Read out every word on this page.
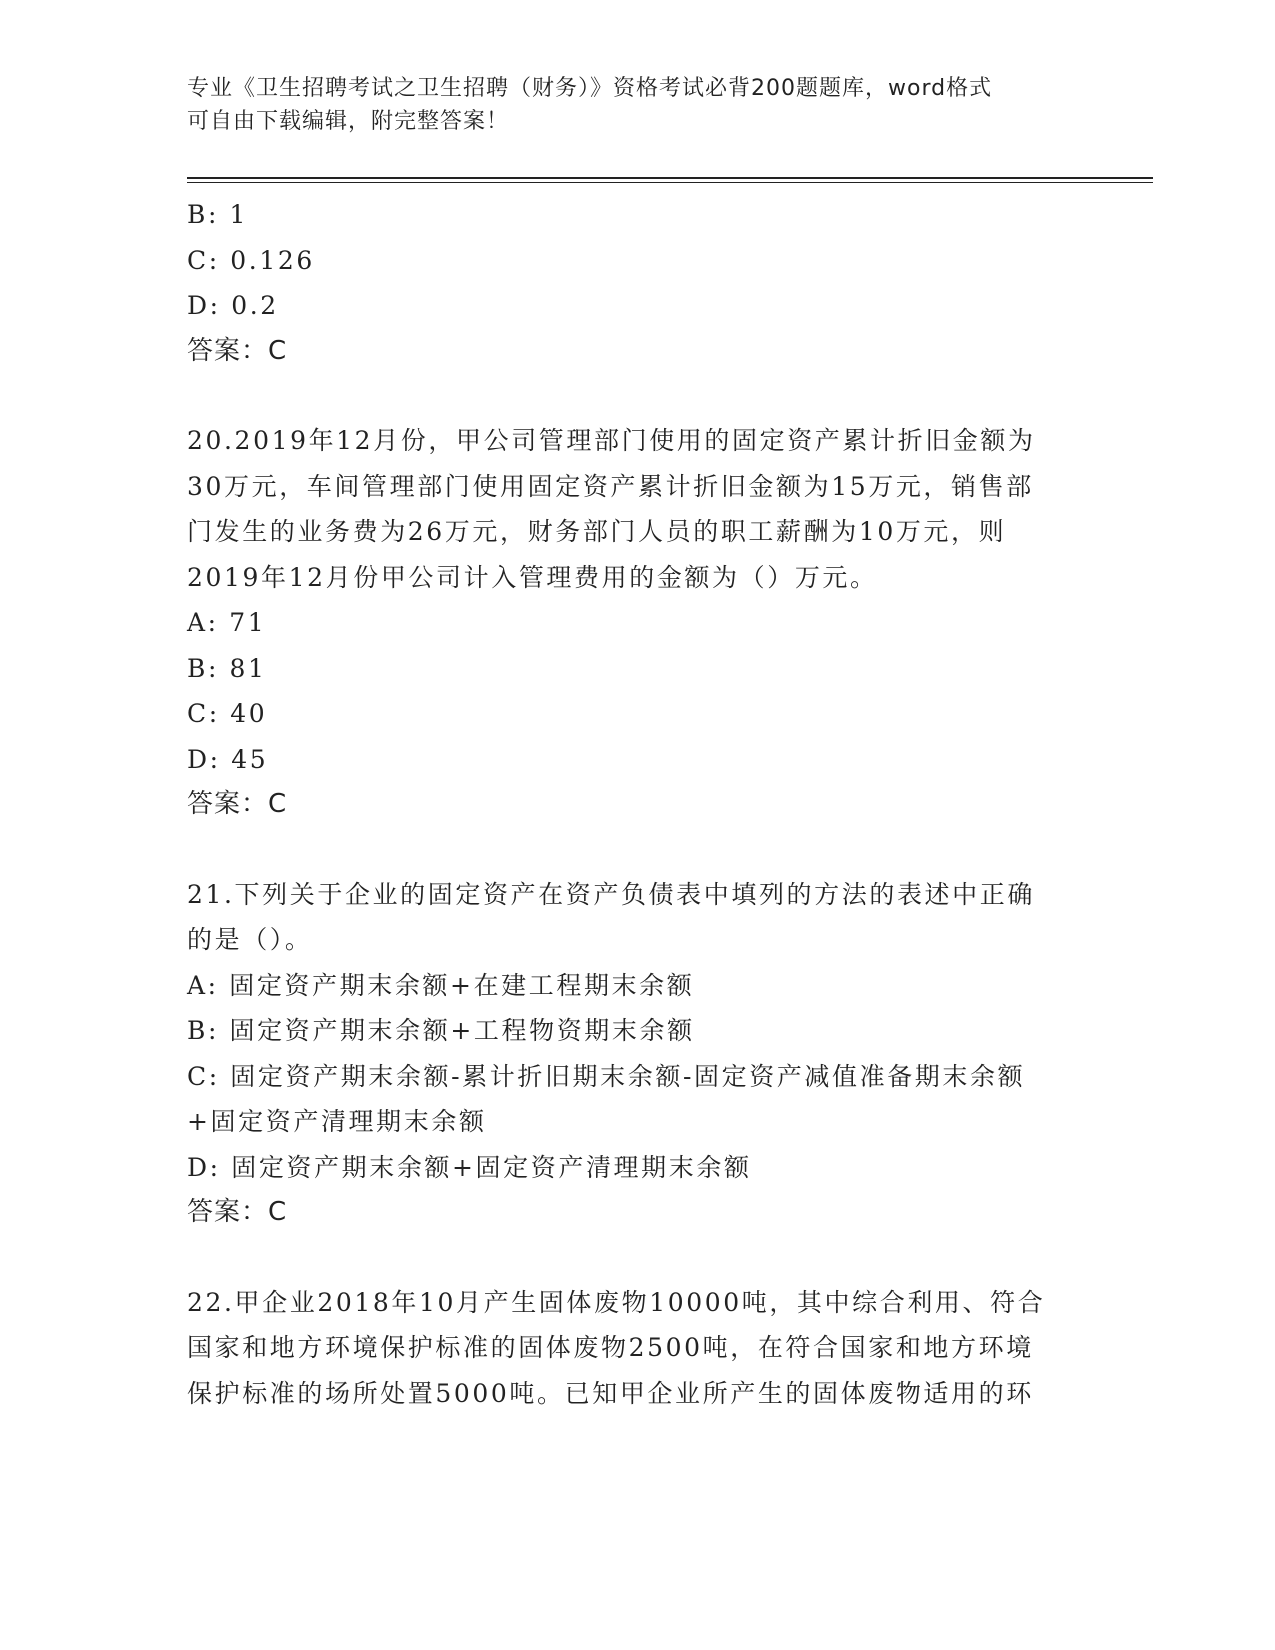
专业《卫生招聘考试之卫生招聘（财务）》资格考试必背200题题库，word格式
可自由下载编辑，附完整答案！
B: 1
C: 0.126
D: 0.2
答案：C
20.2019年12月份，甲公司管理部门使用的固定资产累计折旧金额为
30万元，车间管理部门使用固定资产累计折旧金额为15万元，销售部
门发生的业务费为26万元，财务部门人员的职工薪酬为10万元，则
2019年12月份甲公司计入管理费用的金额为（）万元。
A: 71
B: 81
C: 40
D: 45
答案：C
21.下列关于企业的固定资产在资产负债表中填列的方法的表述中正确
的是（）。
A: 固定资产期末余额+在建工程期末余额
B: 固定资产期末余额+工程物资期末余额
C: 固定资产期末余额-累计折旧期末余额-固定资产减值准备期末余额
+固定资产清理期末余额
D: 固定资产期末余额+固定资产清理期末余额
答案：C
22.甲企业2018年10月产生固体废物10000吨，其中综合利用、符合
国家和地方环境保护标准的固体废物2500吨，在符合国家和地方环境
保护标准的场所处置5000吨。已知甲企业所产生的固体废物适用的环
